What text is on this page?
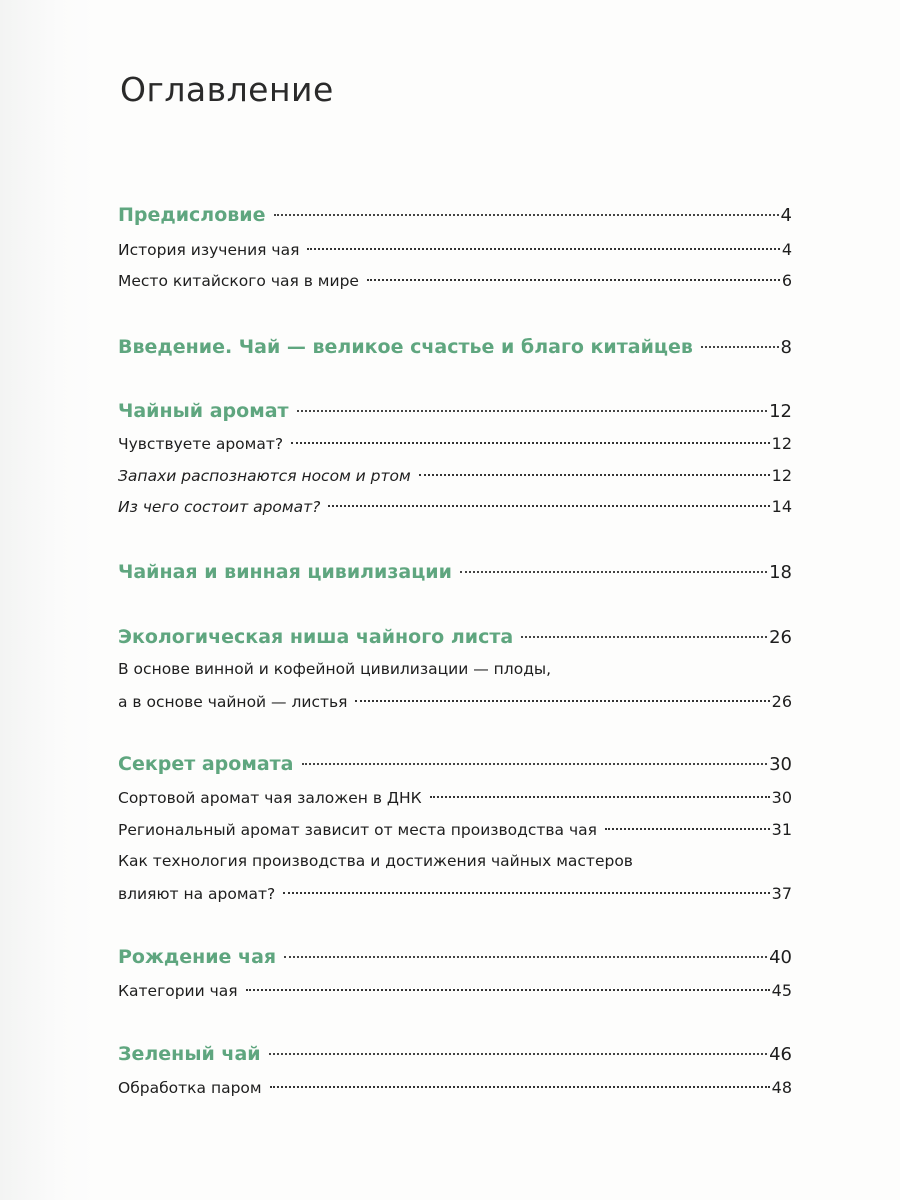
Оглавление
Предисловие	4
История изучения чая	4
Место китайского чая в мире	6
Введение. Чай — великое счастье и благо китайцев	8
Чайный аромат	12
Чувствуете аромат?	12
Запахи распознаются носом и ртом	12
Из чего состоит аромат?	14
Чайная и винная цивилизации	18
Экологическая ниша чайного листа	26
В основе винной и кофейной цивилизации — плоды,
а в основе чайной — листья	26
Секрет аромата	30
Сортовой аромат чая заложен в ДНК	30
Региональный аромат зависит от места производства чая	31
Как технология производства и достижения чайных мастеров
влияют на аромат?	37
Рождение чая	40
Категории чая	45
Зеленый чай	46
Обработка паром	48
